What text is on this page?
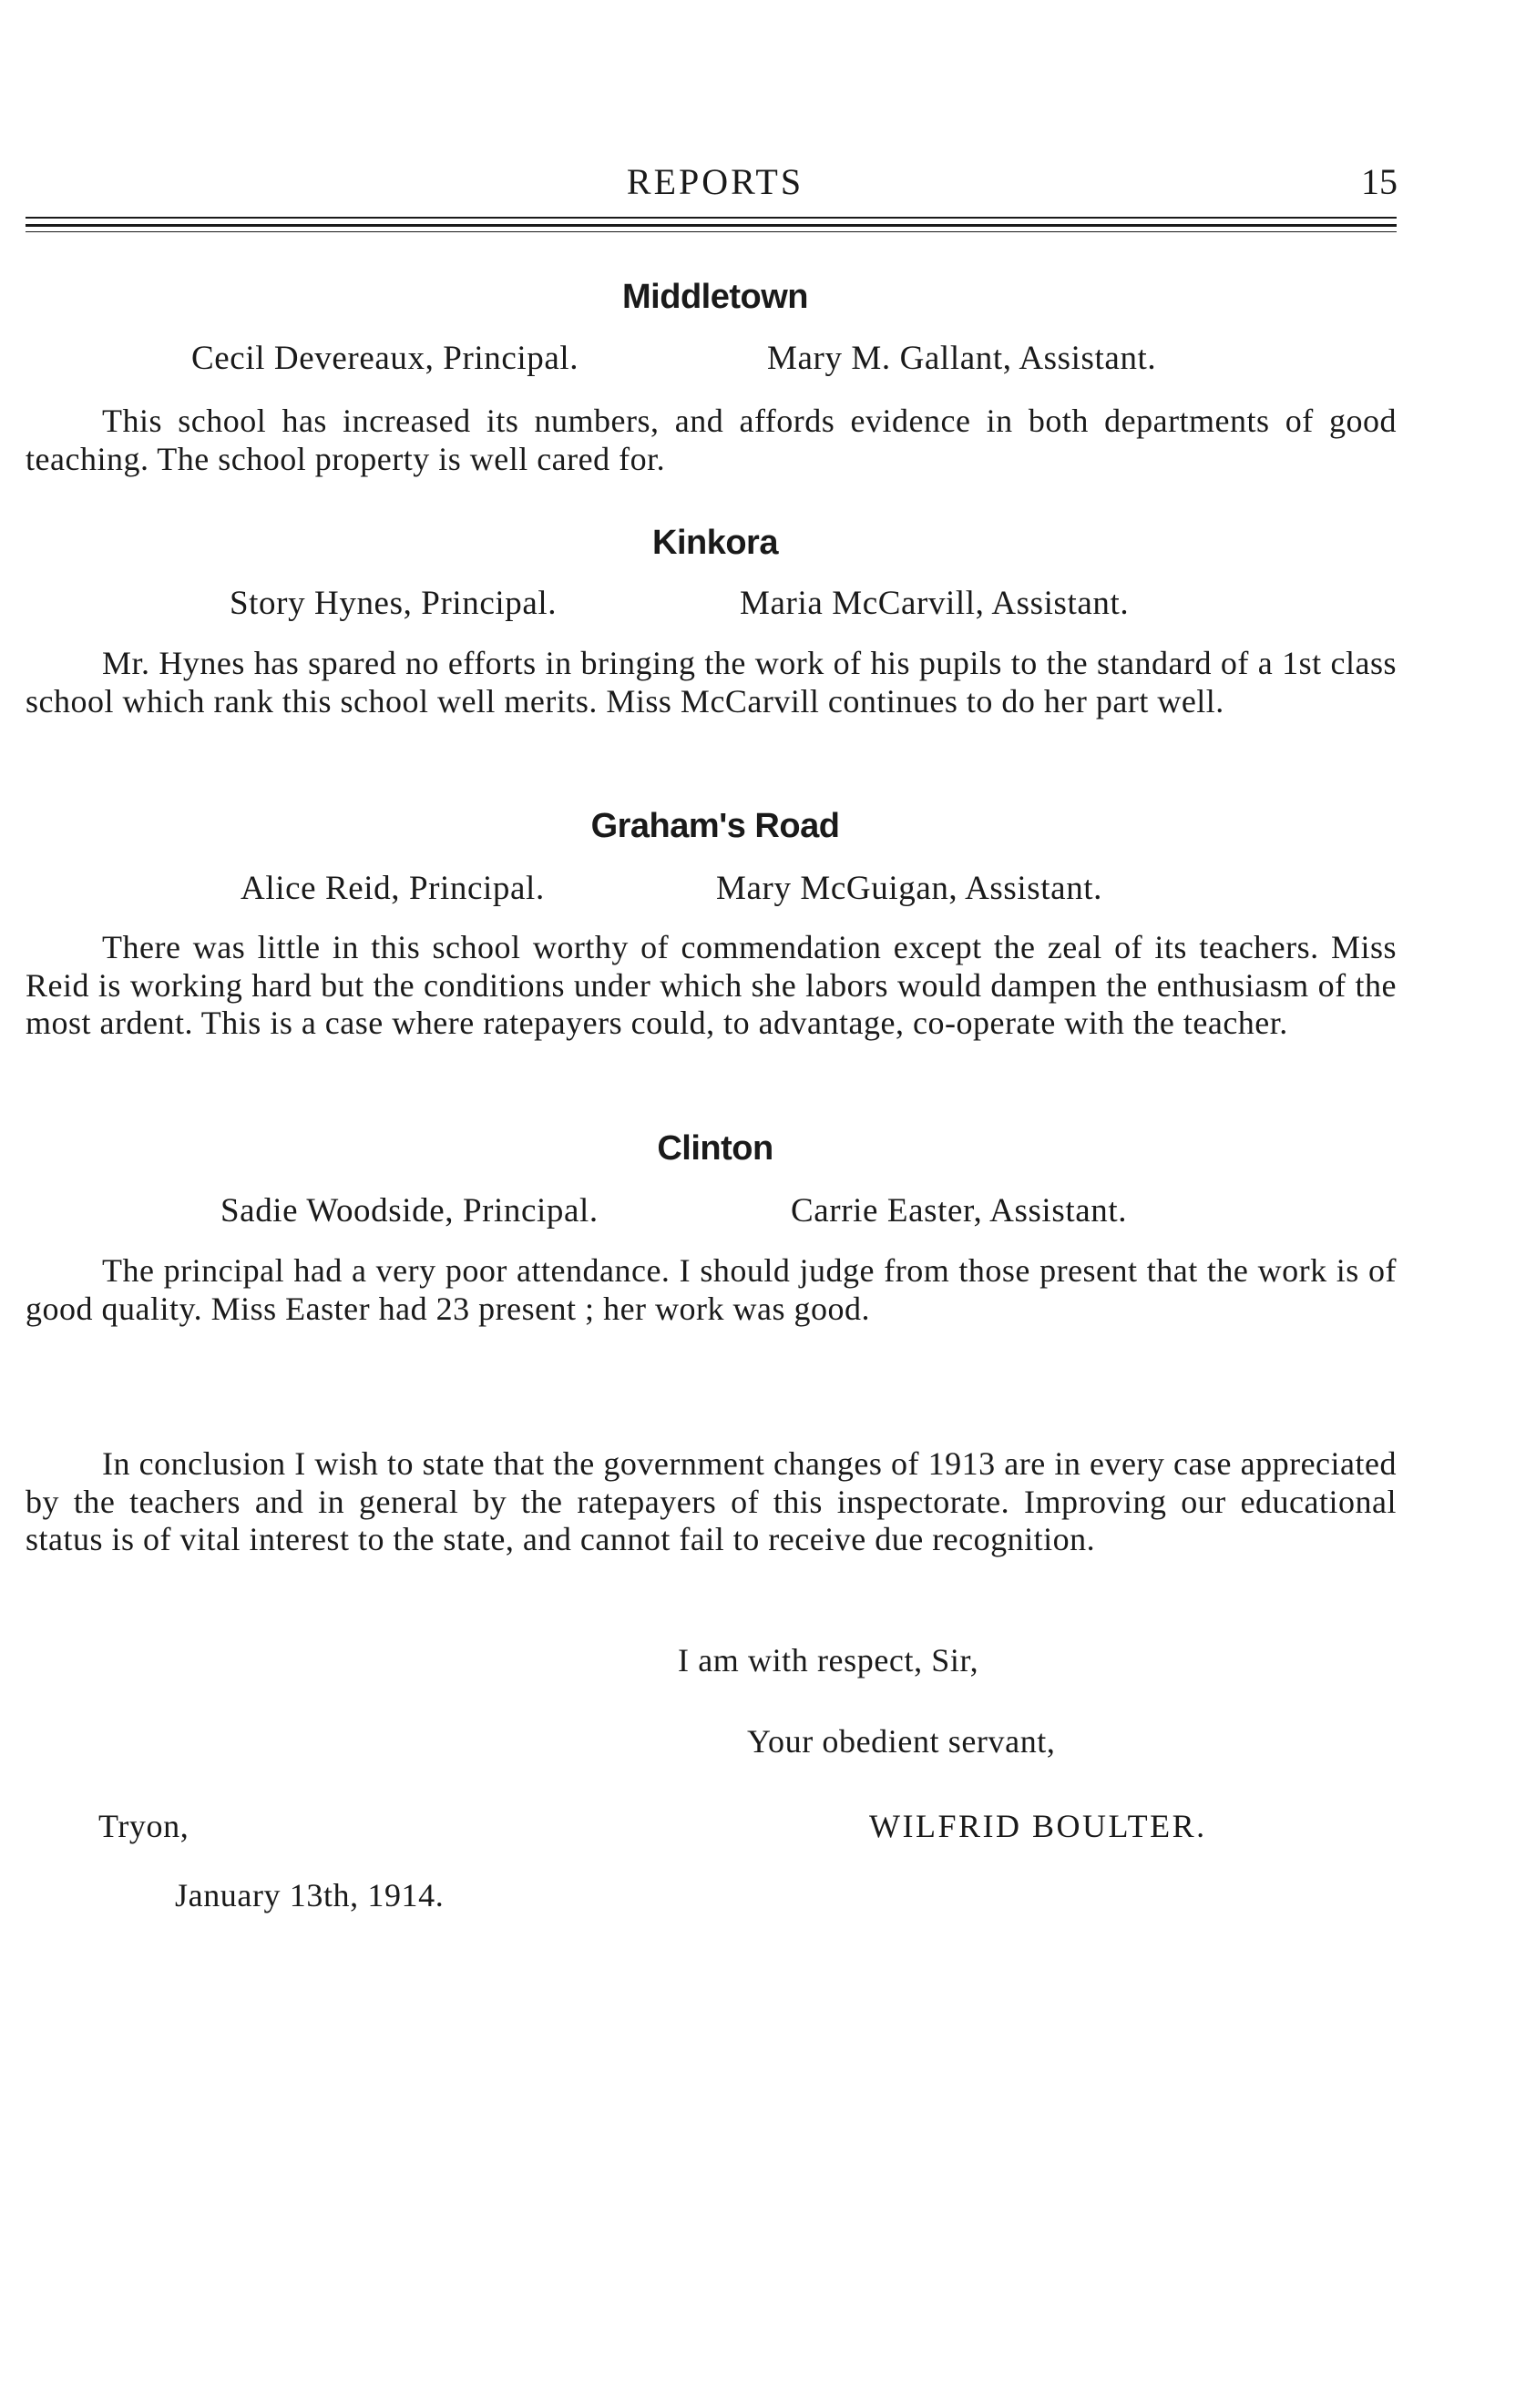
REPORTS	15
Middletown
Cecil Devereaux, Principal.	Mary M. Gallant, Assistant.

This school has increased its numbers, and affords evidence in both departments of good teaching. The school property is well cared for.

Kinkora
Story Hynes, Principal.	Maria McCarvill, Assistant.

Mr. Hynes has spared no efforts in bringing the work of his pupils to the standard of a 1st class school which rank this school well merits. Miss McCarvill continues to do her part well.

Graham's Road
Alice Reid, Principal.	Mary McGuigan, Assistant.

There was little in this school worthy of commendation except the zeal of its teachers. Miss Reid is working hard but the conditions under which she labors would dampen the enthusiasm of the most ardent. This is a case where ratepayers could, to advantage, co-operate with the teacher.

Clinton
Sadie Woodside, Principal.	Carrie Easter, Assistant.

The principal had a very poor attendance. I should judge from those present that the work is of good quality. Miss Easter had 23 present ; her work was good.

In conclusion I wish to state that the government changes of 1913 are in every case appreciated by the teachers and in general by the ratepayers of this inspectorate. Improving our educational status is of vital interest to the state, and cannot fail to receive due recognition.

I am with respect, Sir,
Your obedient servant,
Tryon,	WILFRID BOULTER.
January 13th, 1914.
